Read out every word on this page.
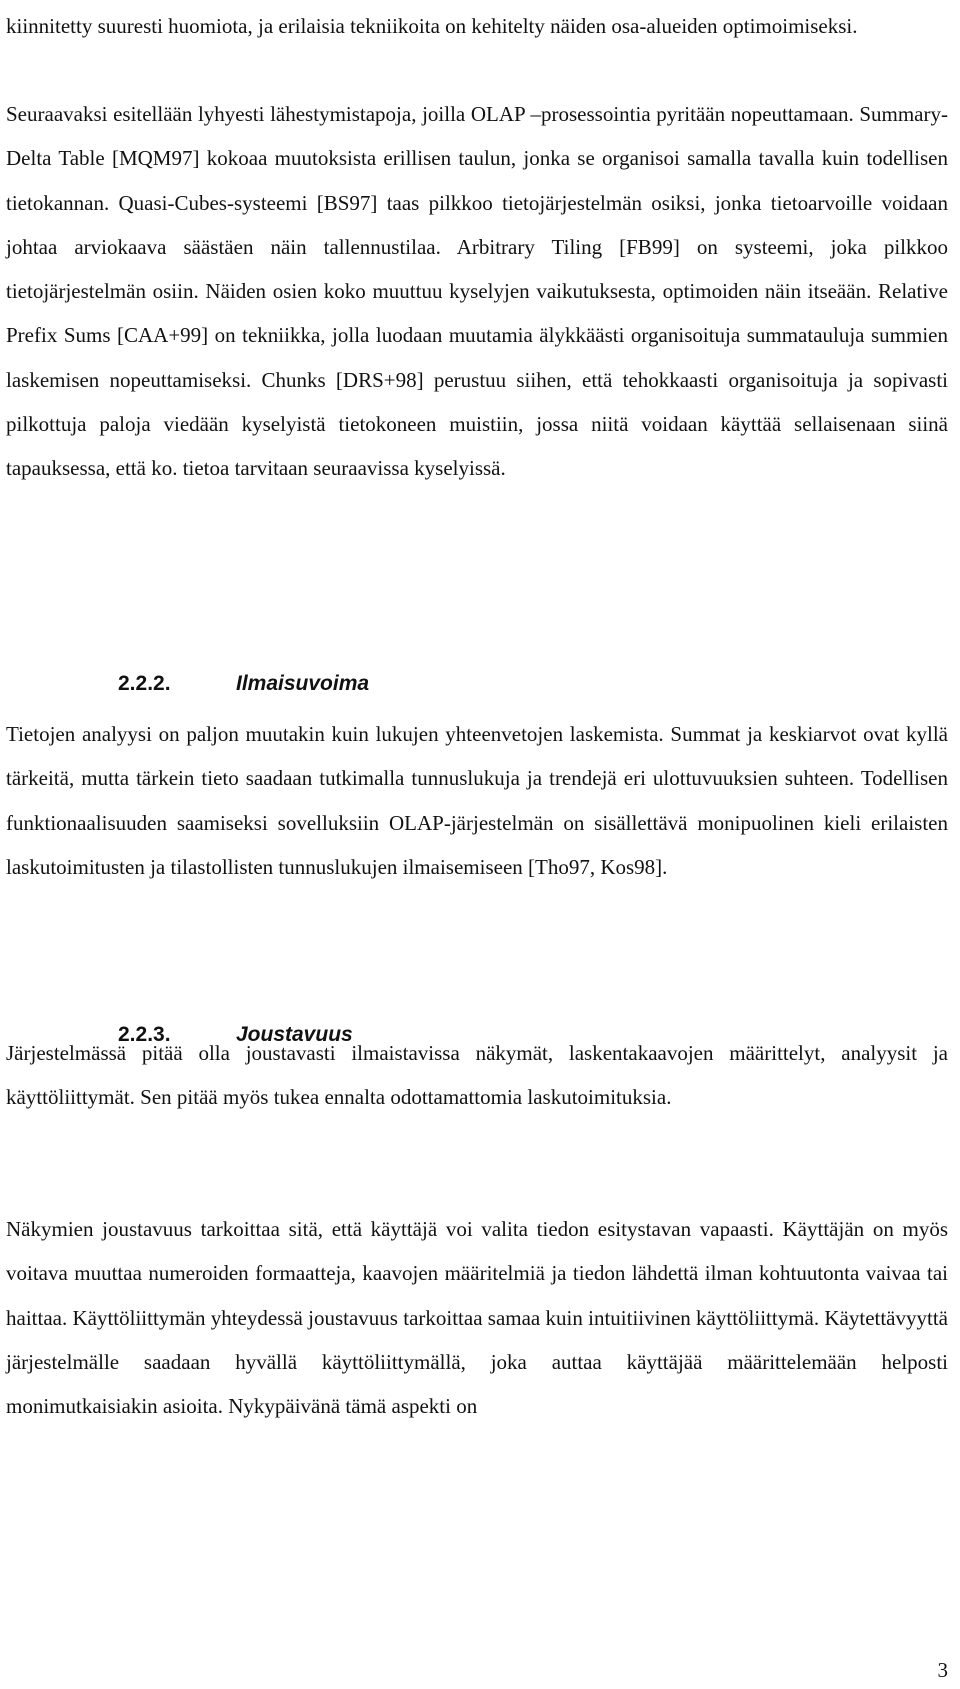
kiinnitetty suuresti huomiota, ja erilaisia tekniikoita on kehitelty näiden osa-alueiden optimoimiseksi.

Seuraavaksi esitellään lyhyesti lähestymistapoja, joilla OLAP –prosessointia pyritään nopeuttamaan. Summary-Delta Table [MQM97] kokoaa muutoksista erillisen taulun, jonka se organisoi samalla tavalla kuin todellisen tietokannan. Quasi-Cubes-systeemi [BS97] taas pilkkoo tietojärjestelmän osiksi, jonka tietoarvoille voidaan johtaa arviokaava säästäen näin tallennustilaa. Arbitrary Tiling [FB99] on systeemi, joka pilkkoo tietojärjestelmän osiin. Näiden osien koko muuttuu kyselyjen vaikutuksesta, optimoiden näin itseään. Relative Prefix Sums [CAA+99] on tekniikka, jolla luodaan muutamia älykkäästi organisoituja summatauluja summien laskemisen nopeuttamiseksi. Chunks [DRS+98] perustuu siihen, että tehokkaasti organisoituja ja sopivasti pilkottuja paloja viedään kyselyistä tietokoneen muistiin, jossa niitä voidaan käyttää sellaisenaan siinä tapauksessa, että ko. tietoa tarvitaan seuraavissa kyselyissä.

2.2.2.	Ilmaisuvoima

Tietojen analyysi on paljon muutakin kuin lukujen yhteenvetojen laskemista. Summat ja keskiarvot ovat kyllä tärkeitä, mutta tärkein tieto saadaan tutkimalla tunnuslukuja ja trendejä eri ulottuvuuksien suhteen. Todellisen funktionaalisuuden saamiseksi sovelluksiin OLAP-järjestelmän on sisällettävä monipuolinen kieli erilaisten laskutoimitusten ja tilastollisten tunnuslukujen ilmaisemiseen [Tho97, Kos98].

2.2.3.	Joustavuus

Järjestelmässä pitää olla joustavasti ilmaistavissa näkymät, laskentakaavojen määrittelyt, analyysit ja käyttöliittymät. Sen pitää myös tukea ennalta odottamattomia laskutoimituksia.

Näkymien joustavuus tarkoittaa sitä, että käyttäjä voi valita tiedon esitystavan vapaasti. Käyttäjän on myös voitava muuttaa numeroiden formaatteja, kaavojen määritelmiä ja tiedon lähdettä ilman kohtuutonta vaivaa tai haittaa. Käyttöliittymän yhteydessä joustavuus tarkoittaa samaa kuin intuitiivinen käyttöliittymä. Käytettävyyttä järjestelmälle saadaan hyvällä käyttöliittymällä, joka auttaa käyttäjää määrittelemään helposti monimutkaisiakin asioita. Nykypäivänä tämä aspekti on

3
